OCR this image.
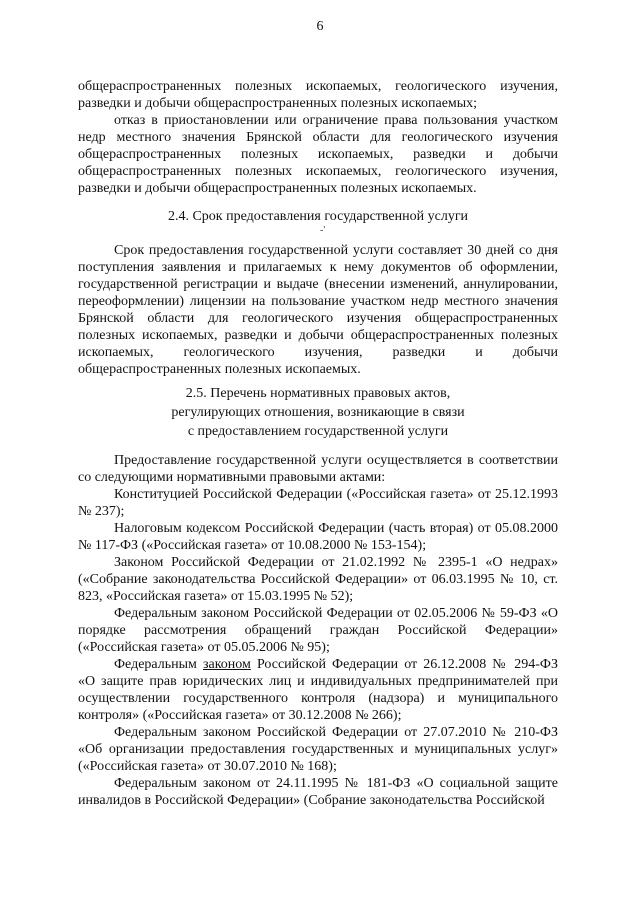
6

общераспространенных полезных ископаемых, геологического изучения, разведки и добычи общераспространенных полезных ископаемых;

отказ в приостановлении или ограничение права пользования участком недр местного значения Брянской области для геологического изучения общераспространенных полезных ископаемых, разведки и добычи общераспространенных полезных ископаемых, геологического изучения, разведки и добычи общераспространенных полезных ископаемых.

2.4. Срок предоставления государственной услуги

-'

Срок предоставления государственной услуги составляет 30 дней со дня поступления заявления и прилагаемых к нему документов об оформлении, государственной регистрации и выдаче (внесении изменений, аннулировании, переоформлении) лицензии на пользование участком недр местного значения Брянской области для геологического изучения общераспространенных полезных ископаемых, разведки и добычи общераспространенных полезных ископаемых, геологического изучения, разведки и добычи общераспространенных полезных ископаемых.

2.5. Перечень нормативных правовых актов,

регулирующих отношения, возникающие в связи

с предоставлением государственной услуги

Предоставление государственной услуги осуществляется в соответствии со следующими нормативными правовыми актами:

Конституцией Российской Федерации («Российская газета» от 25.12.1993 № 237);

Налоговым кодексом Российской Федерации (часть вторая) от 05.08.2000 № 117-ФЗ («Российская газета» от 10.08.2000 № 153-154);

Законом Российской Федерации от 21.02.1992 № 2395-1 «О недрах» («Собрание законодательства Российской Федерации» от 06.03.1995 № 10, ст. 823, «Российская газета» от 15.03.1995 № 52);

Федеральным законом Российской Федерации от 02.05.2006 № 59-ФЗ «О порядке рассмотрения обращений граждан Российской Федерации» («Российская газета» от 05.05.2006 № 95);

Федеральным законом Российской Федерации от 26.12.2008 № 294-ФЗ «О защите прав юридических лиц и индивидуальных предпринимателей при осуществлении государственного контроля (надзора) и муниципального контроля» («Российская газета» от 30.12.2008 № 266);

Федеральным законом Российской Федерации от 27.07.2010 № 210-ФЗ «Об организации предоставления государственных и муниципальных услуг» («Российская газета» от 30.07.2010 № 168);

Федеральным законом от 24.11.1995 № 181-ФЗ «О социальной защите инвалидов в Российской Федерации» (Собрание законодательства Российской
